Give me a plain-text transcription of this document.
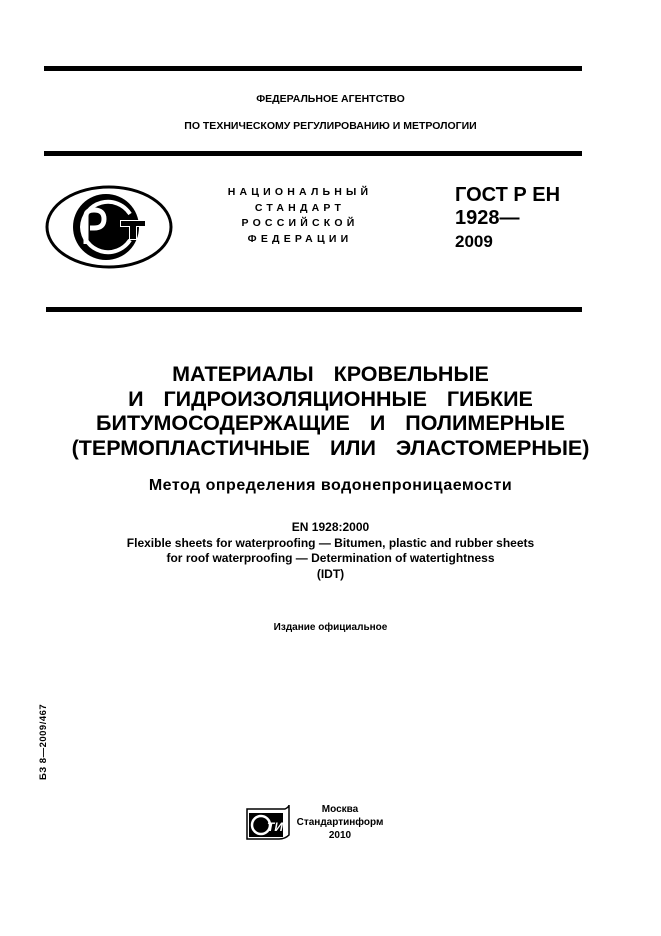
ФЕДЕРАЛЬНОЕ АГЕНТСТВО
ПО ТЕХНИЧЕСКОМУ РЕГУЛИРОВАНИЮ И МЕТРОЛОГИИ
НАЦИОНАЛЬНЫЙ
СТАНДАРТ
РОССИЙСКОЙ
ФЕДЕРАЦИИ
ГОСТ Р ЕН
1928—
2009
МАТЕРИАЛЫ  КРОВЕЛЬНЫЕ
И  ГИДРОИЗОЛЯЦИОННЫЕ  ГИБКИЕ
БИТУМОСОДЕРЖАЩИЕ  И  ПОЛИМЕРНЫЕ
(ТЕРМОПЛАСТИЧНЫЕ  ИЛИ  ЭЛАСТОМЕРНЫЕ)
Метод определения водонепроницаемости
EN 1928:2000
Flexible sheets for waterproofing — Bitumen, plastic and rubber sheets
for roof waterproofing — Determination of watertightness
(IDT)
Издание официальное
БЗ 8—2009/467
TИ
Москва
Стандартинформ
2010
